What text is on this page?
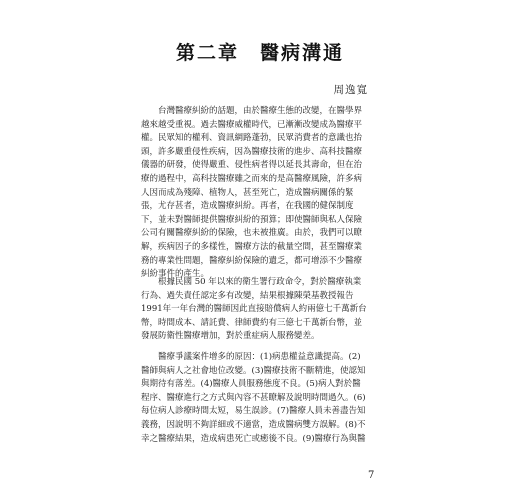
第二章　醫病溝通
周逸寬
　　台灣醫療糾紛的話題，由於醫療生態的改變，在醫學界
越來越受重視。過去醫療威權時代，已漸漸改變成為醫療平
權。民眾知的權利、資訊網路蓬勃，民眾消費者的意識也抬
頭，許多嚴重侵性疾病，因為醫療技術的進步、高科技醫療
儀器的研發，使得嚴重、侵性病者得以延長其壽命，但在治
療的過程中，高科技醫療雖之而來的是高醫療風險，許多病
人因而成為殘障、植物人，甚至死亡，造成醫病關係的緊
張，尤存甚者，造成醫療糾紛。再者，在我國的健保制度
下，並未對醫師提供醫療糾紛的預算；即使醫師與私人保險
公司有關醫療糾紛的保險，也未被推廣。由於，我們可以瞭
解，疾病因子的多樣性，醫療方法的截量空間，甚至醫療業
務的專業性問題，醫療糾紛保險的遺乏，都可增添不少醫療
糾紛事件的產生。
　　根據民國 50 年以來的衛生署行政命令，對於醫療執業
行為、過失責任認定多有改變，結果根據陳榮基教授報告
1991年一年台灣的醫師因此直接賠償病人約兩億七千萬新台
幣，時間成本、請託費、律師費約有三億七千萬新台幣，並
發展防衛性醫療增加，對於重症病人服務變差。
　　醫療爭議案件增多的原因：(1)病患權益意識提高。(2)
醫師與病人之社會地位改變。(3)醫療技術不斷精進，使認知
與期待有落差。(4)醫療人員服務態度不良。(5)病人對於醫
程序、醫療進行之方式與內容不甚瞭解及說明時間過久。(6)
每位病人診療時間太短，易生誤診。(7)醫療人員未善盡告知
義務，因說明不夠詳細或不適當，造成醫病雙方誤解。(8)不
幸之醫療結果，造成病患死亡或癒後不良。(9)醫療行為與醫
7
